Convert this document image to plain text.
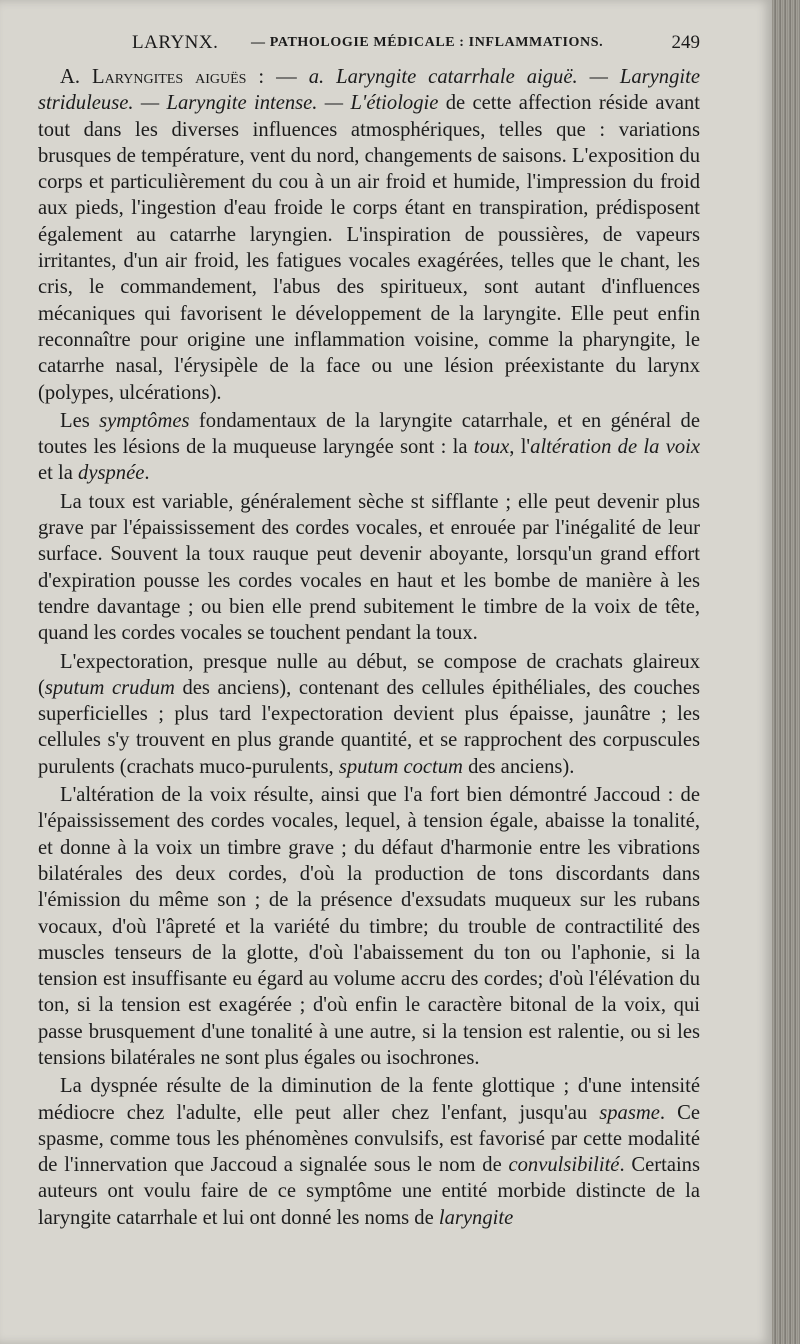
LARYNX. — PATHOLOGIE MÉDICALE : INFLAMMATIONS.	249

A. Laryngites aiguës : — a. Laryngite catarrhale aiguë. — Laryngite striduleuse. — Laryngite intense. — L'étiologie de cette affection réside avant tout dans les diverses influences atmosphériques, telles que : variations brusques de température, vent du nord, changements de saisons. L'exposition du corps et particulièrement du cou à un air froid et humide, l'impression du froid aux pieds, l'ingestion d'eau froide le corps étant en transpiration, prédisposent également au catarrhe laryngien. L'inspiration de poussières, de vapeurs irritantes, d'un air froid, les fatigues vocales exagérées, telles que le chant, les cris, le commandement, l'abus des spiritueux, sont autant d'influences mécaniques qui favorisent le développement de la laryngite. Elle peut enfin reconnaître pour origine une inflammation voisine, comme la pharyngite, le catarrhe nasal, l'érysipèle de la face ou une lésion préexistante du larynx (polypes, ulcérations).

Les symptômes fondamentaux de la laryngite catarrhale, et en général de toutes les lésions de la muqueuse laryngée sont : la toux, l'altération de la voix et la dyspnée.

La toux est variable, généralement sèche st sifflante ; elle peut devenir plus grave par l'épaississement des cordes vocales, et enrouée par l'inégalité de leur surface. Souvent la toux rauque peut devenir aboyante, lorsqu'un grand effort d'expiration pousse les cordes vocales en haut et les bombe de manière à les tendre davantage ; ou bien elle prend subitement le timbre de la voix de tête, quand les cordes vocales se touchent pendant la toux.

L'expectoration, presque nulle au début, se compose de crachats glaireux (sputum crudum des anciens), contenant des cellules épithéliales, des couches superficielles ; plus tard l'expectoration devient plus épaisse, jaunâtre ; les cellules s'y trouvent en plus grande quantité, et se rapprochent des corpuscules purulents (crachats muco-purulents, sputum coctum des anciens).

L'altération de la voix résulte, ainsi que l'a fort bien démontré Jaccoud : de l'épaississement des cordes vocales, lequel, à tension égale, abaisse la tonalité, et donne à la voix un timbre grave ; du défaut d'harmonie entre les vibrations bilatérales des deux cordes, d'où la production de tons discordants dans l'émission du même son ; de la présence d'exsudats muqueux sur les rubans vocaux, d'où l'âpreté et la variété du timbre; du trouble de contractilité des muscles tenseurs de la glotte, d'où l'abaissement du ton ou l'aphonie, si la tension est insuffisante eu égard au volume accru des cordes; d'où l'élévation du ton, si la tension est exagérée ; d'où enfin le caractère bitonal de la voix, qui passe brusquement d'une tonalité à une autre, si la tension est ralentie, ou si les tensions bilatérales ne sont plus égales ou isochrones.

La dyspnée résulte de la diminution de la fente glottique ; d'une intensité médiocre chez l'adulte, elle peut aller chez l'enfant, jusqu'au spasme. Ce spasme, comme tous les phénomènes convulsifs, est favorisé par cette modalité de l'innervation que Jaccoud a signalée sous le nom de convulsibilité. Certains auteurs ont voulu faire de ce symptôme une entité morbide distincte de la laryngite catarrhale et lui ont donné les noms de laryngite
